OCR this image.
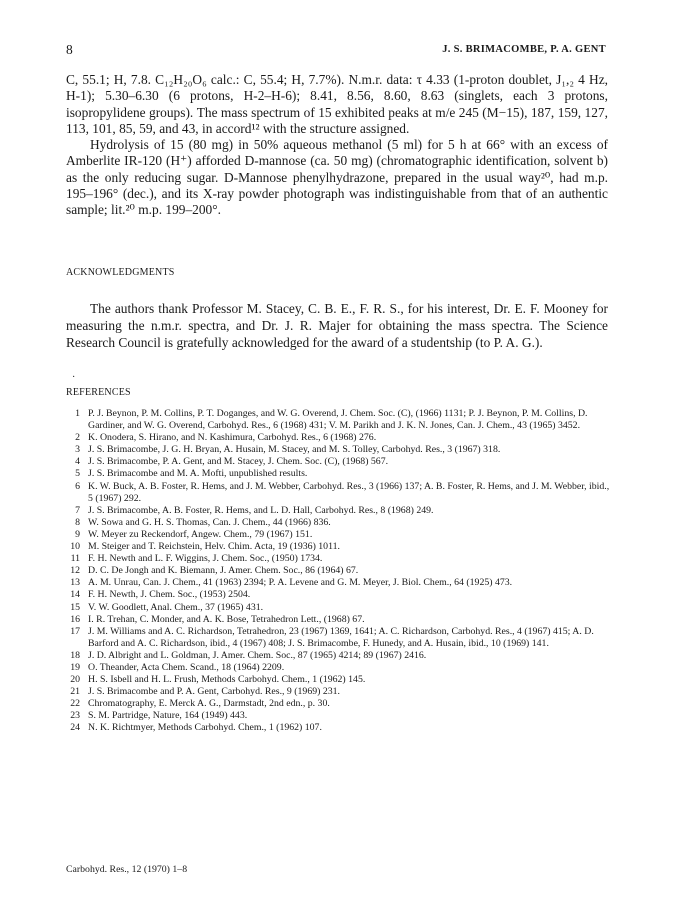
8	J. S. BRIMACOMBE, P. A. GENT

C, 55.1; H, 7.8. C₁₂H₂₀O₆ calc.: C, 55.4; H, 7.7%). N.m.r. data: τ 4.33 (1-proton doublet, J₁,₂ 4 Hz, H-1); 5.30–6.30 (6 protons, H-2–H-6); 8.41, 8.56, 8.60, 8.63 (singlets, each 3 protons, isopropylidene groups). The mass spectrum of 15 exhibited peaks at m/e 245 (M−15), 187, 159, 127, 113, 101, 85, 59, and 43, in accord¹² with the structure assigned.

Hydrolysis of 15 (80 mg) in 50% aqueous methanol (5 ml) for 5 h at 66° with an excess of Amberlite IR-120 (H⁺) afforded D-mannose (ca. 50 mg) (chromatographic identification, solvent b) as the only reducing sugar. D-Mannose phenylhydrazone, prepared in the usual way²⁰, had m.p. 195–196° (dec.), and its X-ray powder photograph was indistinguishable from that of an authentic sample; lit.²⁰ m.p. 199–200°.

ACKNOWLEDGMENTS

The authors thank Professor M. Stacey, C. B. E., F. R. S., for his interest, Dr. E. F. Mooney for measuring the n.m.r. spectra, and Dr. J. R. Majer for obtaining the mass spectra. The Science Research Council is gratefully acknowledged for the award of a studentship (to P. A. G.).

·
REFERENCES
1 P. J. Beynon, P. M. Collins, P. T. Doganges, and W. G. Overend, J. Chem. Soc. (C), (1966) 1131; P. J. Beynon, P. M. Collins, D. Gardiner, and W. G. Overend, Carbohyd. Res., 6 (1968) 431; V. M. Parikh and J. K. N. Jones, Can. J. Chem., 43 (1965) 3452.
2 K. Onodera, S. Hirano, and N. Kashimura, Carbohyd. Res., 6 (1968) 276.
3 J. S. Brimacombe, J. G. H. Bryan, A. Husain, M. Stacey, and M. S. Tolley, Carbohyd. Res., 3 (1967) 318.
4 J. S. Brimacombe, P. A. Gent, and M. Stacey, J. Chem. Soc. (C), (1968) 567.
5 J. S. Brimacombe and M. A. Mofti, unpublished results.
6 K. W. Buck, A. B. Foster, R. Hems, and J. M. Webber, Carbohyd. Res., 3 (1966) 137; A. B. Foster, R. Hems, and J. M. Webber, ibid., 5 (1967) 292.
7 J. S. Brimacombe, A. B. Foster, R. Hems, and L. D. Hall, Carbohyd. Res., 8 (1968) 249.
8 W. Sowa and G. H. S. Thomas, Can. J. Chem., 44 (1966) 836.
9 W. Meyer zu Reckendorf, Angew. Chem., 79 (1967) 151.
10 M. Steiger and T. Reichstein, Helv. Chim. Acta, 19 (1936) 1011.
11 F. H. Newth and L. F. Wiggins, J. Chem. Soc., (1950) 1734.
12 D. C. De Jongh and K. Biemann, J. Amer. Chem. Soc., 86 (1964) 67.
13 A. M. Unrau, Can. J. Chem., 41 (1963) 2394; P. A. Levene and G. M. Meyer, J. Biol. Chem., 64 (1925) 473.
14 F. H. Newth, J. Chem. Soc., (1953) 2504.
15 V. W. Goodlett, Anal. Chem., 37 (1965) 431.
16 I. R. Trehan, C. Monder, and A. K. Bose, Tetrahedron Lett., (1968) 67.
17 J. M. Williams and A. C. Richardson, Tetrahedron, 23 (1967) 1369, 1641; A. C. Richardson, Carbohyd. Res., 4 (1967) 415; A. D. Barford and A. C. Richardson, ibid., 4 (1967) 408; J. S. Brimacombe, F. Hunedy, and A. Husain, ibid., 10 (1969) 141.
18 J. D. Albright and L. Goldman, J. Amer. Chem. Soc., 87 (1965) 4214; 89 (1967) 2416.
19 O. Theander, Acta Chem. Scand., 18 (1964) 2209.
20 H. S. Isbell and H. L. Frush, Methods Carbohyd. Chem., 1 (1962) 145.
21 J. S. Brimacombe and P. A. Gent, Carbohyd. Res., 9 (1969) 231.
22 Chromatography, E. Merck A. G., Darmstadt, 2nd edn., p. 30.
23 S. M. Partridge, Nature, 164 (1949) 443.
24 N. K. Richtmyer, Methods Carbohyd. Chem., 1 (1962) 107.
Carbohyd. Res., 12 (1970) 1–8
